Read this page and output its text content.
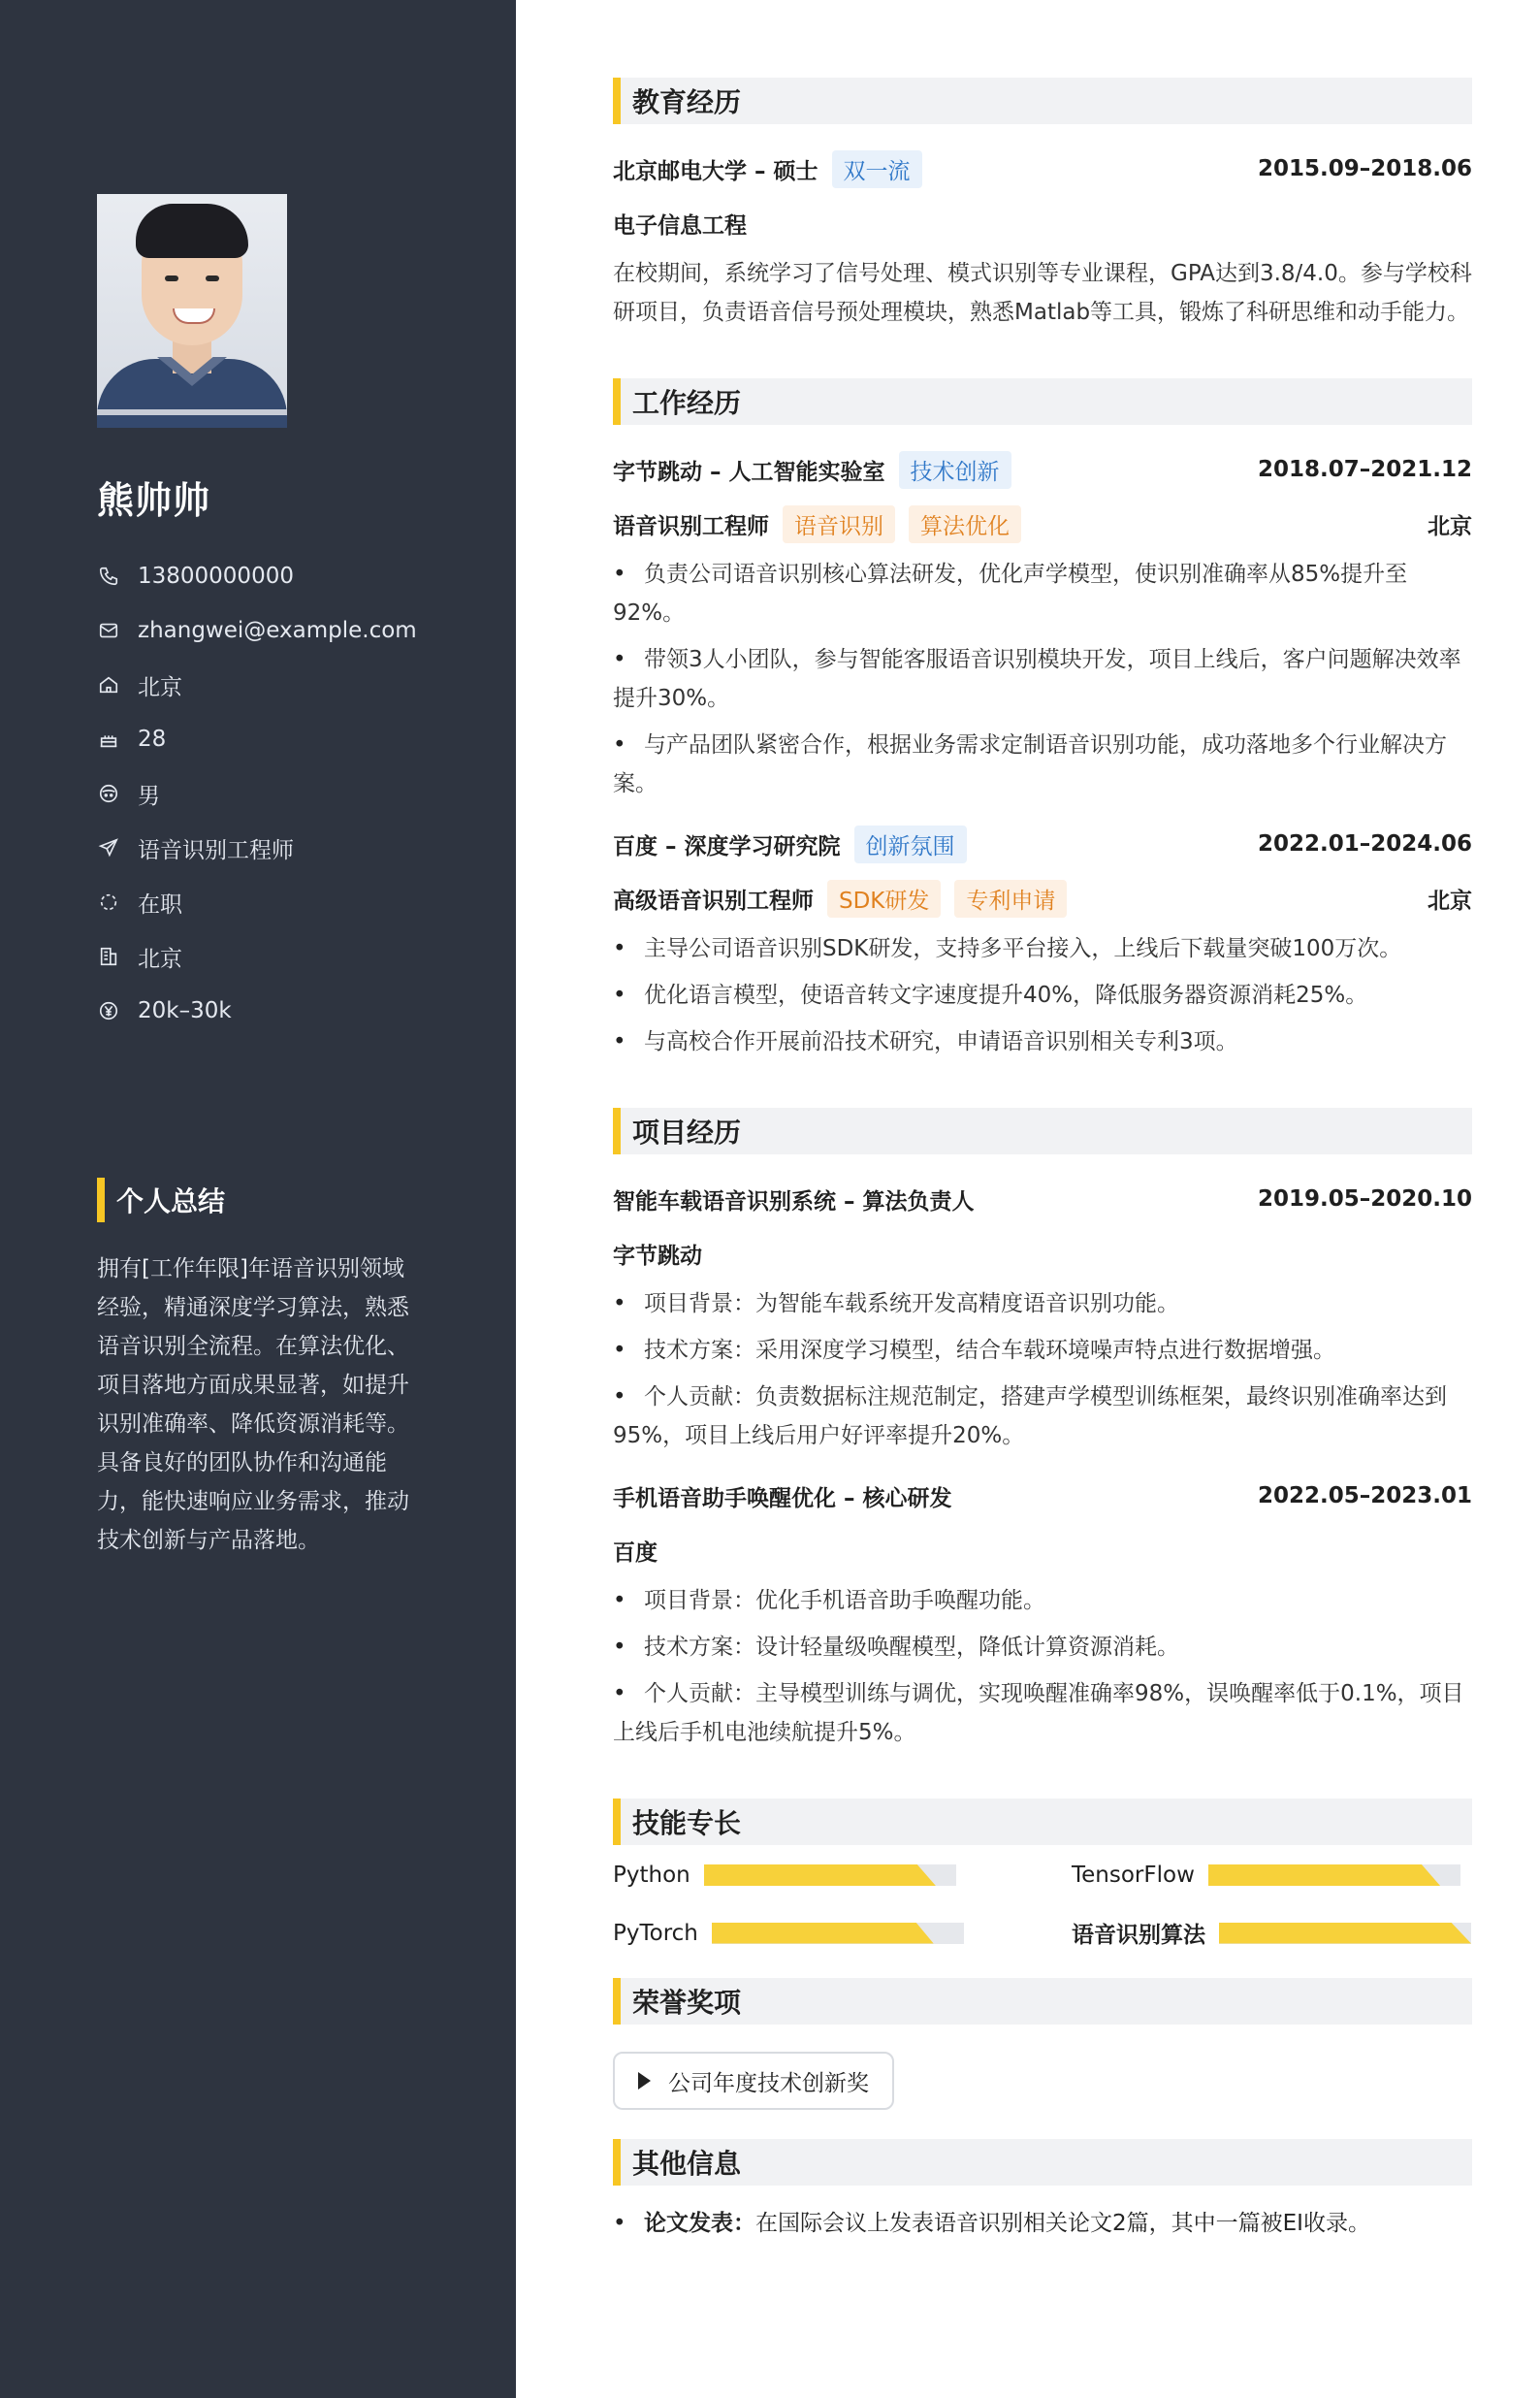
熊帅帅
13800000000
zhangwei@example.com
北京
28
男
语音识别工程师
在职
北京
20k–30k
个人总结
拥有[工作年限]年语音识别领域经验，精通深度学习算法，熟悉语音识别全流程。在算法优化、项目落地方面成果显著，如提升识别准确率、降低资源消耗等。具备良好的团队协作和沟通能力，能快速响应业务需求，推动技术创新与产品落地。
教育经历
北京邮电大学 – 硕士	双一流	2015.09–2018.06
电子信息工程
在校期间，系统学习了信号处理、模式识别等专业课程，GPA达到3.8/4.0。参与学校科研项目，负责语音信号预处理模块，熟悉Matlab等工具，锻炼了科研思维和动手能力。
工作经历
字节跳动 – 人工智能实验室	技术创新	2018.07–2021.12
语音识别工程师	语音识别	算法优化	北京
•负责公司语音识别核心算法研发，优化声学模型，使识别准确率从85%提升至92%。
•带领3人小团队，参与智能客服语音识别模块开发，项目上线后，客户问题解决效率提升30%。
•与产品团队紧密合作，根据业务需求定制语音识别功能，成功落地多个行业解决方案。
百度 – 深度学习研究院	创新氛围	2022.01–2024.06
高级语音识别工程师	SDK研发	专利申请	北京
•主导公司语音识别SDK研发，支持多平台接入，上线后下载量突破100万次。
•优化语言模型，使语音转文字速度提升40%，降低服务器资源消耗25%。
•与高校合作开展前沿技术研究，申请语音识别相关专利3项。
项目经历
智能车载语音识别系统 – 算法负责人	2019.05–2020.10
字节跳动
•项目背景：为智能车载系统开发高精度语音识别功能。
•技术方案：采用深度学习模型，结合车载环境噪声特点进行数据增强。
•个人贡献：负责数据标注规范制定，搭建声学模型训练框架，最终识别准确率达到95%，项目上线后用户好评率提升20%。
手机语音助手唤醒优化 – 核心研发	2022.05–2023.01
百度
•项目背景：优化手机语音助手唤醒功能。
•技术方案：设计轻量级唤醒模型，降低计算资源消耗。
•个人贡献：主导模型训练与调优，实现唤醒准确率98%，误唤醒率低于0.1%，项目上线后手机电池续航提升5%。
技能专长
Python	TensorFlow
PyTorch	语音识别算法
荣誉奖项
公司年度技术创新奖
其他信息
• 论文发表：在国际会议上发表语音识别相关论文2篇，其中一篇被EI收录。
